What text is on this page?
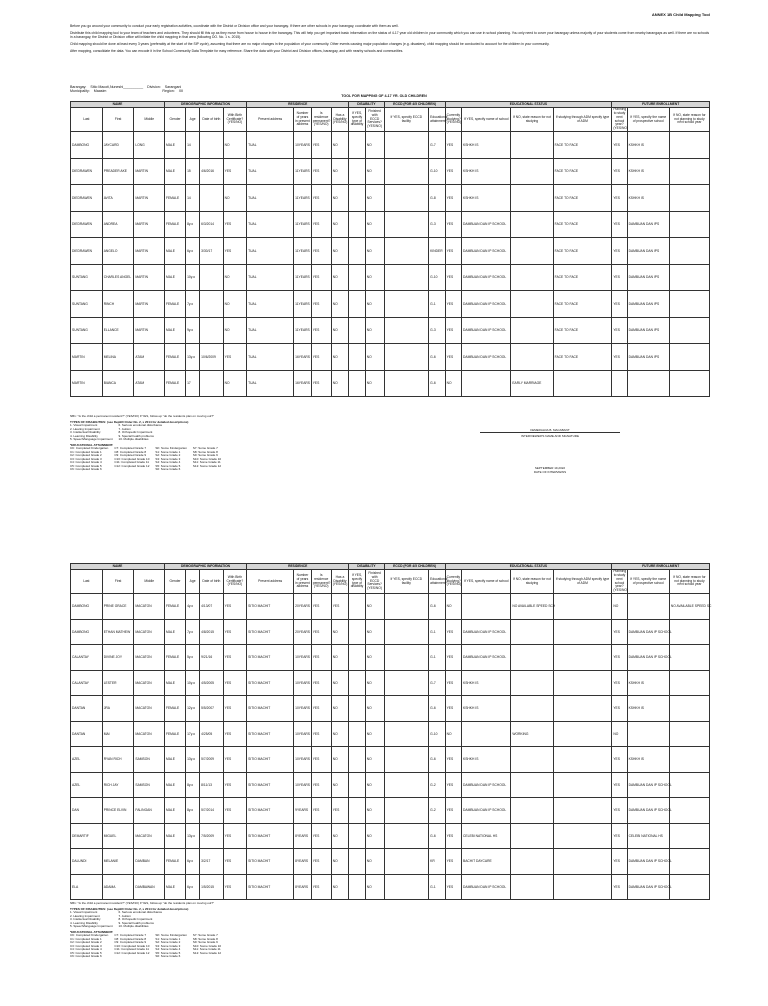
ANNEX 1B Child Mapping Tool

Before you go around your community to conduct your early registration activities, coordinate with the District or Division office and your barangay. If there are other schools in your barangay, coordinate with them as well.

Distribute this child mapping tool to your team of teachers and volunteers. They should fill this up as they move from house to house in the barangay. This will help you get important basic information on the status of 4-17 year old children in your community which you can use in school planning. You only need to cover your barangay unless majority of your students come from nearby barangays as well. If there are no schools in a barangay, the District or Division office will initiate the child mapping in that area (following DO. No. 1 s. 2015).

Child mapping should be done at least every 3 years (preferably at the start of the SIP cycle), assuming that there are no major changes in the population of your community. Other events causing major population changes (e.g. disasters), child mapping should be conducted to account for the children in your community.

After mapping, consolidate the data. You can encode it in the School Community Data Template for easy reference. Share the data with your District and Division offices, barangay, and with nearby schools and communities.

Barangay: Sitio Macoti,Nuneshi__________ Division: Sarangani
Municipality: Maasim	Region: XII
TOOL FOR MAPPING OF 4-17 YR. OLD CHILDREN
NAME			DEMOGRAPHIC INFORMATION				RESIDENCE				DISABILITY		ECCD (FOR 4/5 CHILDREN)		EDUCATIONAL STATUS				FUTURE ENROLLMENT		
Last	First	Middle	Gender	Age	Date of birth	With Birth Certificate? (YES/NO)	Present address	Number of years in present address	Is residence permanent? (YES/NO)	Has a Disability (YES/NO)	If YES, specify type of disability	Finished with ECCD Services? (YES/NO)	If YES, specify ECCD facility	Educational attainment*	Currently studying? (YES/NO)	If YES, specify name of school	If NO, state reason for not studying	If studying through ADM specify type of ADM	Planning to study next school year? (YES/NO)	If YES, specify the name of prospective school	If NO, state reason for not planning to study next school year
DAMBONG	JAYCARD	LONG	MALE	14		NO	TUAL	10YEARS	YES	NO		NO		G-7	YES	KSHKH IS		FACE TO FACE	YES	KSHKH IS	
DIEDRAWEN	PREADER AKE	MARTIN	MALE	15	4/6/2016	YES	TUAL	11YEARS	YES	NO		NO		G-10	YES	KSHKH IS		FACE TO FACE	YES	KSHKH IS	
DIEDRAWEN	AVITA	MARTIN	FEMALE	14		NO	TUAL	11YEARS	YES	NO		NO		G-8	YES	KSHKH IS		FACE TO FACE	YES	KSHKH IS	
DIEDRAWEN	ANDREA	MARTIN	FEMALE	8y.o	6/3/2014	YES	TUAL	11YEARS	YES	NO		NO		G-3	YES	DAMBUAN DAN IP SCHOOL		FACE TO FACE	YES	DAMBUAN DAN IPS	
DIEDRAWEN	ANGELO	MARTIN	MALE	6y.o	3/30/17	YES	TUAL	11YEARS	YES	NO		NO		KINDER	YES	DAMBUAN DAN IP SCHOOL		FACE TO FACE	YES	DAMBUAN DAN IPS	
SUNTANG	CHARLES ANGEL	MARTIN	MALE	10y.o		NO	TUAL	11YEARS	YES	NO		NO		G-10	YES	DAMBUAN DAN IP SCHOOL		FACE TO FACE	YES	DAMBUAN DAN IPS	
SUNTANG	RINCH	MARTIN	FEMALE	7y.o		NO	TUAL	11YEARS	YES	NO		NO		G-1	YES	DAMBUAN DAN IP SCHOOL		FACE TO FACE	YES	DAMBUAN DAN IPS	
SUNTANG	ELLANCE	MARTIN	MALE	9y.o		NO	TUAL	11YEARS	YES	NO		NO		G-3	YES	DAMBUAN DAN IP SCHOOL		FACE TO FACE	YES	DAMBUAN DAN IPS	
MARTIN	MELINA	ATAM	FEMALE	13y.o	10/6/2009	YES	TUAL	16YEARS	YES	NO		NO		G-6	YES	DAMBUAN DAN IP SCHOOL		FACE TO FACE	YES	DAMBUAN DAN IPS	
MARTIN	BIANCA	ATAM	FEMALE	17		NO	TUAL	16YEARS	YES	NO		NO		G-6	NO		EARLY MARRIAGE				
NB1: "Is the child a permanent resident?" (YES/NO) If YES, follow-up "do the residents plan on moving out?"
TYPES OF DISABILITIES: (see DepED Order No. 2, s 2014 for detailed descriptions)
1. Visual Impairment
2. Hearing Impairment
3. Intellectual Disability
4. Learning Disability
5. Speech/language Impairment
6. Serious emotional disturbance
7. Autism
8. Orthopedic Impairment
9. Special health problems
10. Multiple disabilities
*EDUCATIONAL ATTAINMENT:
CK: Completed Kindergarten
C1: Completed Grade 1
C2: Completed Grade 2
C3: Completed Grade 3
C4: Completed Grade 4
C5: Completed Grade 5
C6: Completed Grade 6
C7: Completed Grade 7
C8: Completed Grade 8
C9: Completed Grade 9
C10: Completed Grade 10
C11: Completed Grade 11
C12: Completed Grade 12
SK: Some Kindergarten
S1: Some Grade 1
S2: Some Grade 2
S3: Some Grade 3
S4: Some Grade 4
S5: Some Grade 5
S6: Some Grade 6
S7: Some Grade 7
S8: Some Grade 8
S9: Some Grade 9
S10: Some Grade 10
S11: Some Grade 11
S12: Some Grade 12
FEMERALDA B. MACABANT
INTERVIEWER'S NAME AND SIGNATURE
SEPTEMBER 19,2022
DATE OF INTERVIEWS
NAME			DEMOGRAPHIC INFORMATION				RESIDENCE				DISABILITY		ECCD (FOR 4/5 CHILDREN)		EDUCATIONAL STATUS				FUTURE ENROLLMENT		
Last	First	Middle	Gender	Age	Date of birth	With Birth Certificate? (YES/NO)	Present address	Number of years in present address	Is residence permanent? (YES/NO)	Has a Disability (YES/NO)	If YES, specify type of disability	Finished with ECCD Services? (YES/NO)	If YES, specify ECCD facility	Educational attainment*	Currently studying? (YES/NO)	If YES, specify name of school	If NO, state reason for not studying	If studying through ADM specify type of ADM	Planning to study next school year? (YES/NO)	If YES, specify the name of prospective school	If NO, state reason for not planning to study next school year
DAMBONG	PRINE GRACE	MACATON	FEMALE	4y.o	4/13/07	YES	SITIO MACHIT	20YEARS	YES	YES		NO		G-6	NO		NO AVAILABLE SPEED SCH		NO		NO AVAILABLE SPEED SC
DAMBONG	ETHAN MATHEW	MACATON	MALE	7y.o	4/8/2015	YES	SITIO MACHIT	20YEARS	YES	NO		NO		G-1	YES	DAMBUAN DAN IP SCHOOL			YES	DAMBUAN DAN IP SCHOOL	
CALANTAY	DIVINE JOY	MACATON	FEMALE	5y.o	9/21/16	YES	SITIO MACHIT	10YEARS	YES	NO		NO		G-1	YES	DAMBUAN DAN IP SCHOOL			YES	DAMBUAN DAN IP SCHOOL	
CALANTAY	LESTER	MACATON	MALE	10y.o	4/5/2005	YES	SITIO MACHIT	10YEARS	YES	NO		NO		G-7	YES	KSHKH IS			YES	KSHKH IS	
DANTAN	JRA	MACATON	FEMALE	12y.o	5/5/2007	YES	SITIO MACHIT	10YEARS	YES	NO		NO		G-6	YES	KSHKH IS			YES	KSHKH IS	
DANTAN	MAI	MACATON	FEMALE	17y.o	4/25/05	YES	SITIO MACHIT	10YEARS	YES	NO		NO		G-10	NO		WORKING		NO		
AZEL	RYAN RICH	SAMSON	MALE	13y.o	5/7/2009	YES	SITIO MACHIT	10YEARS	YES	NO		NO		G-6	YES	KSHKH IS			YES	KSHKH IS	
AZEL	RICH JAY	SAMSON	MALE	8y.o	8/11/13	YES	SITIO MACHIT	10YEARS	YES	NO		NO		G-2	YES	DAMBUAN DAN IP SCHOOL			YES	DAMBUAN DAN IP SCHOOL	
DAN	PRINCE ELVIN	FALINGAN	MALE	8y.o	5/7/2014	YES	SITIO MACHIT	9YEARS	YES	YES		NO		G-2	YES	DAMBUAN DAN IP SCHOOL			YES	DAMBUAN DAN IP SCHOOL	
DEMARTIF	MIGUEL	MACATON	MALE	13y.o	7/5/2009	YES	SITIO MACHIT	8YEARS	YES	NO		NO		G-6	YES	CELEBI NATIONAL HS			YES	CELEBI NATIONAL HS	
DALUNDI	MELANIE	DAMBAN	FEMALE	6y.o	3/2/17	YES	SITIO MACHIT	8YEARS	YES	NO		NO		KR	YES	BACHIT DAYCARE			YES	DAMBUAN DAN IP SCHOOL	
ELA	ADAMA	DAMBAWAN	MALE	6y.o	1/5/2015	YES	SITIO MACHIT	8YEARS	YES	NO		NO		G-1	YES	DAMBUAN DAN IP SCHOOL			YES	DAMBUAN DAN IP SCHOOL	
NB1: "Is the child a permanent resident?" (YES/NO) If YES, follow-up "do the residents plan on moving out?"
TYPES OF DISABILITIES: (see DepED Order No. 2, s 2014 for detailed descriptions)
1. Visual Impairment
2. Hearing Impairment
3. Intellectual Disability
4. Learning Disability
5. Speech/language Impairment
6. Serious emotional disturbance
7. Autism
8. Orthopedic Impairment
9. Special health problems
10. Multiple disabilities
*EDUCATIONAL ATTAINMENT:
CK: Completed Kindergarten
C1: Completed Grade 1
C2: Completed Grade 2
C3: Completed Grade 3
C4: Completed Grade 4
C5: Completed Grade 5
C6: Completed Grade 6
C7: Completed Grade 7
C8: Completed Grade 8
C9: Completed Grade 9
C10: Completed Grade 10
C11: Completed Grade 11
C12: Completed Grade 12
SK: Some Kindergarten
S1: Some Grade 1
S2: Some Grade 2
S3: Some Grade 3
S4: Some Grade 4
S5: Some Grade 5
S6: Some Grade 6
S7: Some Grade 7
S8: Some Grade 8
S9: Some Grade 9
S10: Some Grade 10
S11: Some Grade 11
S12: Some Grade 12
